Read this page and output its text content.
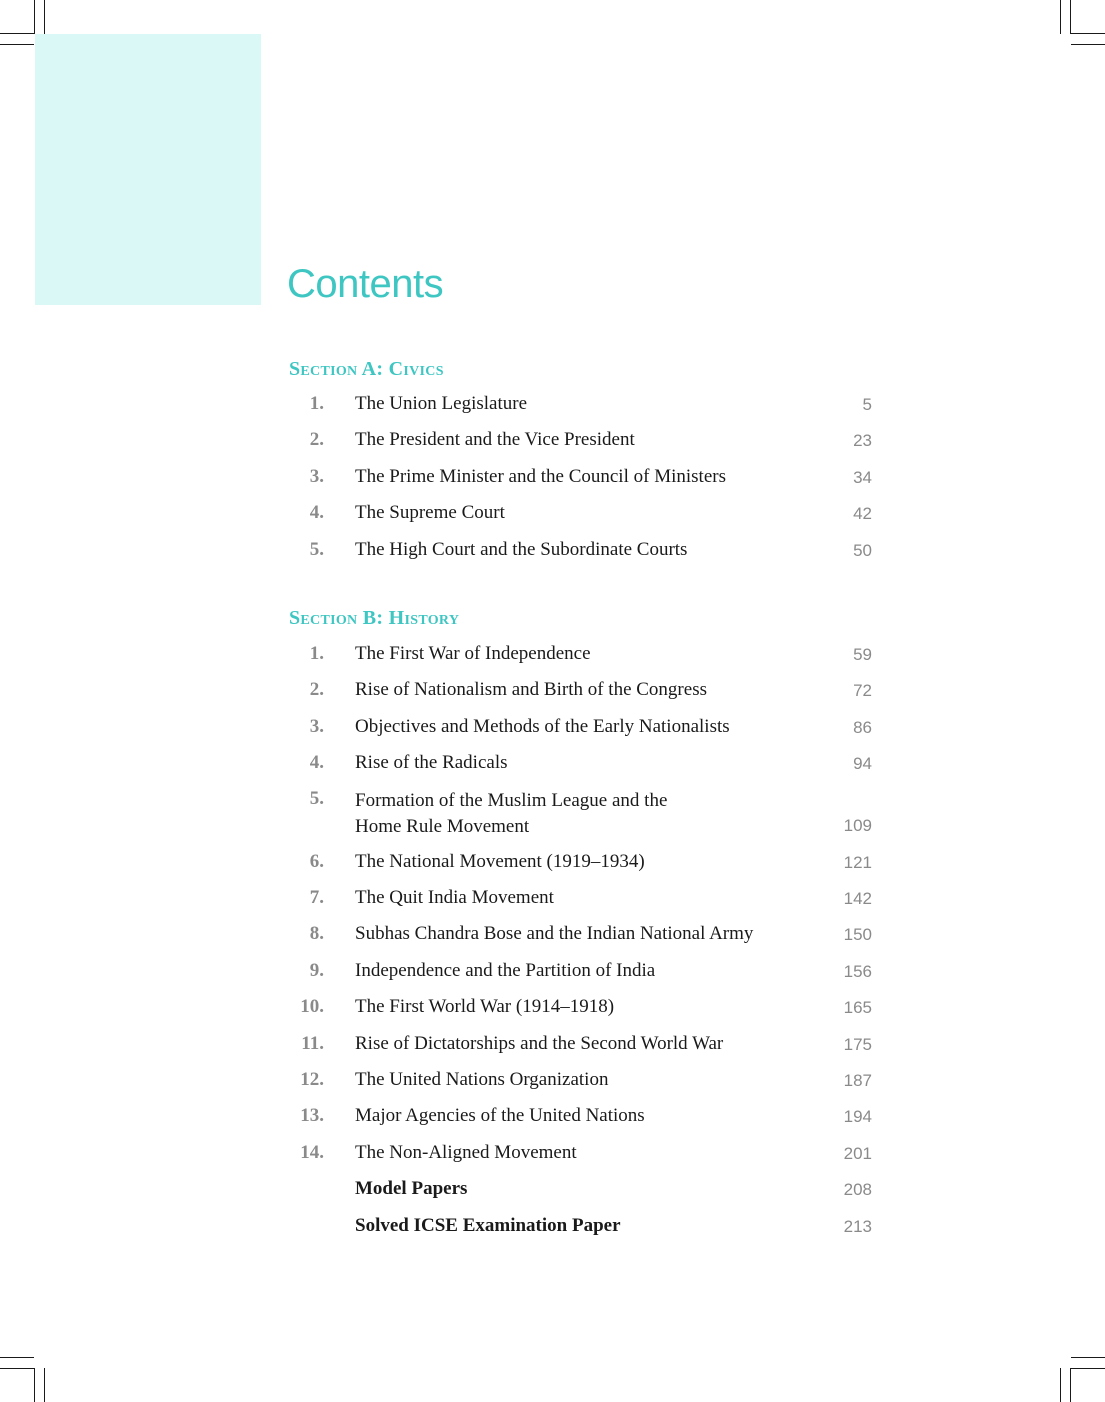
Contents
Section A: Civics
1. The Union Legislature	5
2. The President and the Vice President	23
3. The Prime Minister and the Council of Ministers	34
4. The Supreme Court	42
5. The High Court and the Subordinate Courts	50
Section B: History
1. The First War of Independence	59
2. Rise of Nationalism and Birth of the Congress	72
3. Objectives and Methods of the Early Nationalists	86
4. Rise of the Radicals	94
5. Formation of the Muslim League and the
Home Rule Movement	109
6. The National Movement (1919–1934)	121
7. The Quit India Movement	142
8. Subhas Chandra Bose and the Indian National Army	150
9. Independence and the Partition of India	156
10. The First World War (1914–1918)	165
11. Rise of Dictatorships and the Second World War	175
12. The United Nations Organization	187
13. Major Agencies of the United Nations	194
14. The Non-Aligned Movement	201
Model Papers	208
Solved ICSE Examination Paper	213
